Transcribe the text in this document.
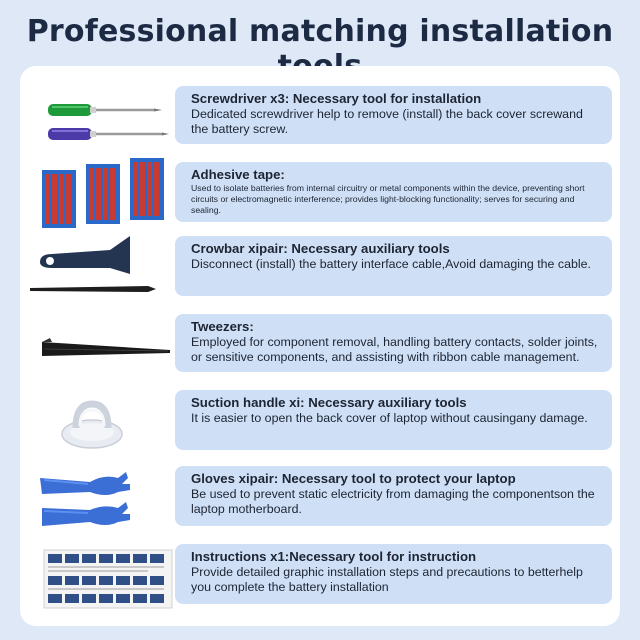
Professional matching installation
Screwdriver x3: Necessary tool for installation
Dedicated screwdriver help to remove (install) the back cover screwand the battery screw.
Adhesive tape:
Used to isolate batteries from internal circuitry or metal components within the device, preventing short circuits or electromagnetic interference; provides light-blocking functionality; serves for securing and sealing.
Crowbar xipair: Necessary auxiliary tools
Disconnect (install) the battery interface cable,Avoid damaging the cable.
Tweezers:
Employed for component removal, handling battery contacts, solder joints, or sensitive components, and assisting with ribbon cable management.
Suction handle xi: Necessary auxiliary tools
It is easier to open the back cover of laptop without causingany damage.
Gloves xipair: Necessary tool to protect your laptop
Be used to prevent static electricity from damaging the componentson the laptop motherboard.
Instructions x1:Necessary tool for instruction
Provide detailed graphic installation steps and precautions to betterhelp you complete the battery installation
